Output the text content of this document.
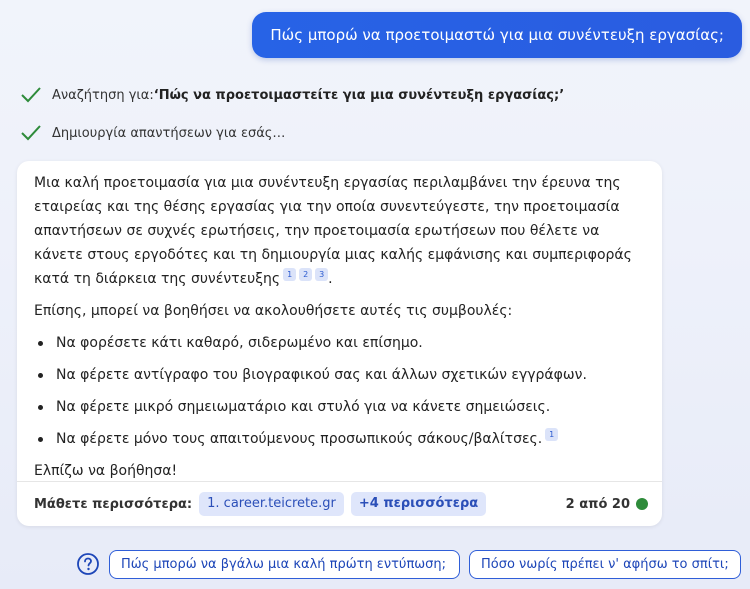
Πώς μπορώ να προετοιμαστώ για μια συνέντευξη εργασίας;
Αναζήτηση για: ‘Πώς να προετοιμαστείτε για μια συνέντευξη εργασίας;’
Δημιουργία απαντήσεων για εσάς…
Μια καλή προετοιμασία για μια συνέντευξη εργασίας περιλαμβάνει την έρευνα της εταιρείας και της θέσης εργασίας για την οποία συνεντεύγεστε, την προετοιμασία απαντήσεων σε συχνές ερωτήσεις, την προετοιμασία ερωτήσεων που θέλετε να κάνετε στους εργοδότες και τη δημιουργία μιας καλής εμφάνισης και συμπεριφοράς κατά τη διάρκεια της συνέντευξης 1 2 3 .
Επίσης, μπορεί να βοηθήσει να ακολουθήσετε αυτές τις συμβουλές:
Να φορέσετε κάτι καθαρό, σιδερωμένο και επίσημο.
Να φέρετε αντίγραφο του βιογραφικού σας και άλλων σχετικών εγγράφων.
Να φέρετε μικρό σημειωματάριο και στυλό για να κάνετε σημειώσεις.
Να φέρετε μόνο τους απαιτούμενους προσωπικούς σάκους/βαλίτσες. 1
Ελπίζω να βοήθησα!
Μάθετε περισσότερα:	1. career.teicrete.gr	+4 περισσότερα	2 από 20
Πώς μπορώ να βγάλω μια καλή πρώτη εντύπωση;	Πόσο νωρίς πρέπει ν' αφήσω το σπίτι;
